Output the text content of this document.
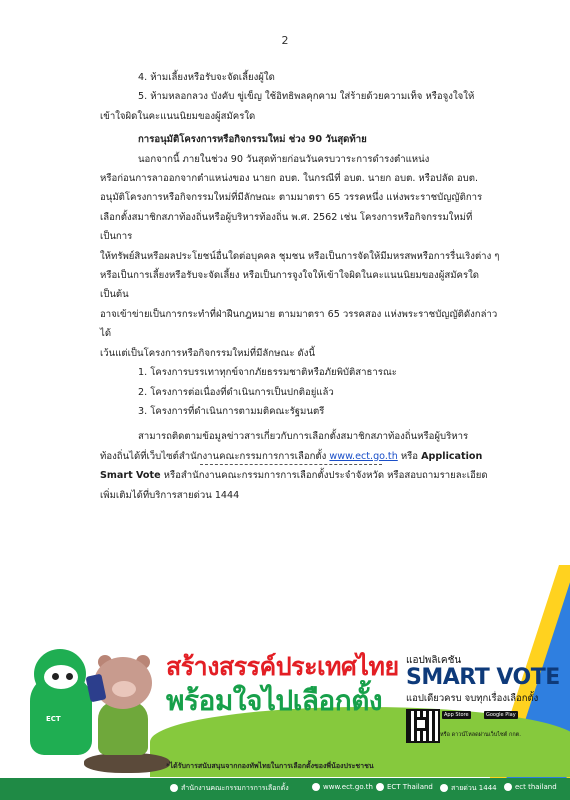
2

4. ห้ามเลี้ยงหรือรับจะจัดเลี้ยงผู้ใด

5. ห้ามหลอกลวง บังคับ ขู่เข็ญ ใช้อิทธิพลคุกคาม ใส่ร้ายด้วยความเท็จ หรือจูงใจให้

เข้าใจผิดในคะแนนนิยมของผู้สมัครใด

การอนุมัติโครงการหรือกิจกรรมใหม่ ช่วง 90 วันสุดท้าย

นอกจากนี้ ภายในช่วง 90 วันสุดท้ายก่อนวันครบวาระการดำรงตำแหน่ง

หรือก่อนการลาออกจากตำแหน่งของ นายก อบต. ในกรณีที่ อบต. นายก อบต. หรือปลัด อบต.

อนุมัติโครงการหรือกิจกรรมใหม่ที่มีลักษณะ ตามมาตรา 65 วรรคหนึ่ง แห่งพระราชบัญญัติการ

เลือกตั้งสมาชิกสภาท้องถิ่นหรือผู้บริหารท้องถิ่น พ.ศ. 2562 เช่น โครงการหรือกิจกรรมใหม่ที่เป็นการ

ให้ทรัพย์สินหรือผลประโยชน์อื่นใดต่อบุคคล ชุมชน หรือเป็นการจัดให้มีมหรสพหรือการรื่นเริงต่าง ๆ

หรือเป็นการเลี้ยงหรือรับจะจัดเลี้ยง หรือเป็นการจูงใจให้เข้าใจผิดในคะแนนนิยมของผู้สมัครใด เป็นต้น

อาจเข้าข่ายเป็นการกระทำที่ฝ่าฝืนกฎหมาย ตามมาตรา 65 วรรคสอง แห่งพระราชบัญญัติดังกล่าวได้

เว้นแต่เป็นโครงการหรือกิจกรรมใหม่ที่มีลักษณะ ดังนี้

1. โครงการบรรเทาทุกข์จากภัยธรรมชาติหรือภัยพิบัติสาธารณะ

2. โครงการต่อเนื่องที่ดำเนินการเป็นปกติอยู่แล้ว

3. โครงการที่ดำเนินการตามมติคณะรัฐมนตรี

สามารถติดตามข้อมูลข่าวสารเกี่ยวกับการเลือกตั้งสมาชิกสภาท้องถิ่นหรือผู้บริหาร

ท้องถิ่นได้ที่เว็บไซต์สำนักงานคณะกรรมการการเลือกตั้ง www.ect.go.th หรือ Application

Smart Vote หรือสำนักงานคณะกรรมการการเลือกตั้งประจำจังหวัด หรือสอบถามรายละเอียด

เพิ่มเติมได้ที่บริการสายด่วน 1444

ECT
สร้างสรรค์ประเทศไทย
พร้อมใจไปเลือกตั้ง
*ได้รับการสนับสนุนจากกองทัพไทยในการเลือกตั้งของพี่น้องประชาชน
แอปพลิเคชัน
SMART VOTE
แอปเดียวครบ จบทุกเรื่องเลือกตั้ง
App Store	Google Play
หรือ ดาวน์โหลดผ่านเว็บไซต์ กกต.
สำนักงานคณะกรรมการการเลือกตั้ง	www.ect.go.th	ECT Thailand	สายด่วน 1444	ect thailand
